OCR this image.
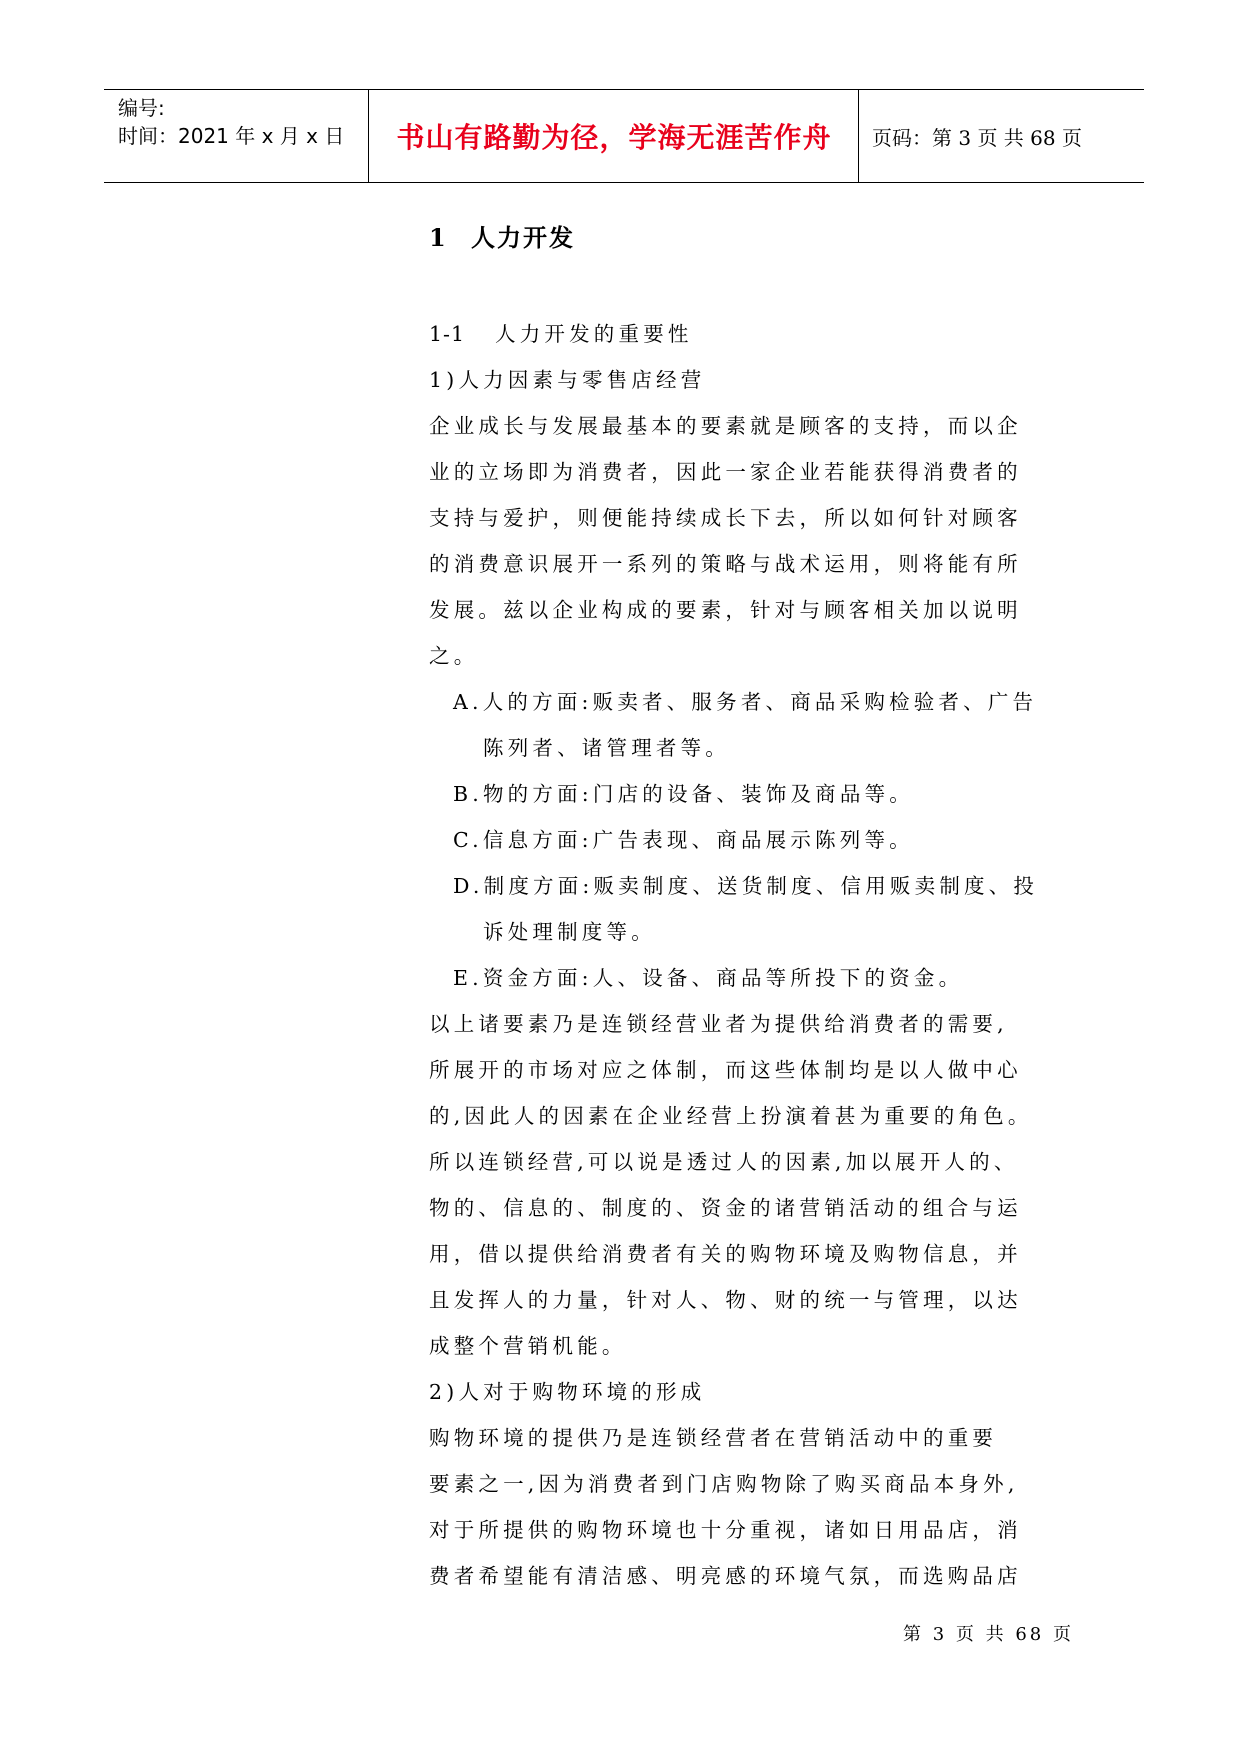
编号:
时间：2021 年 x 月 x 日	书山有路勤为径，学海无涯苦作舟	页码：第 3 页 共 68 页
1 人力开发
1-1 人力开发的重要性
1)人力因素与零售店经营
企业成长与发展最基本的要素就是顾客的支持，而以企
业的立场即为消费者，因此一家企业若能获得消费者的
支持与爱护，则便能持续成长下去，所以如何针对顾客
的消费意识展开一系列的策略与战术运用，则将能有所
发展。兹以企业构成的要素，针对与顾客相关加以说明
之。
A.人的方面:贩卖者、服务者、商品采购检验者、广告
陈列者、诸管理者等。
B.物的方面:门店的设备、装饰及商品等。
C.信息方面:广告表现、商品展示陈列等。
D.制度方面:贩卖制度、送货制度、信用贩卖制度、投
诉处理制度等。
E.资金方面:人、设备、商品等所投下的资金。
以上诸要素乃是连锁经营业者为提供给消费者的需要,
所展开的市场对应之体制，而这些体制均是以人做中心
的,因此人的因素在企业经营上扮演着甚为重要的角色。
所以连锁经营,可以说是透过人的因素,加以展开人的、
物的、信息的、制度的、资金的诸营销活动的组合与运
用，借以提供给消费者有关的购物环境及购物信息，并
且发挥人的力量，针对人、物、财的统一与管理，以达
成整个营销机能。
2)人对于购物环境的形成
购物环境的提供乃是连锁经营者在营销活动中的重要
要素之一,因为消费者到门店购物除了购买商品本身外,
对于所提供的购物环境也十分重视，诸如日用品店，消
费者希望能有清洁感、明亮感的环境气氛，而选购品店
第 3 页 共 68 页
